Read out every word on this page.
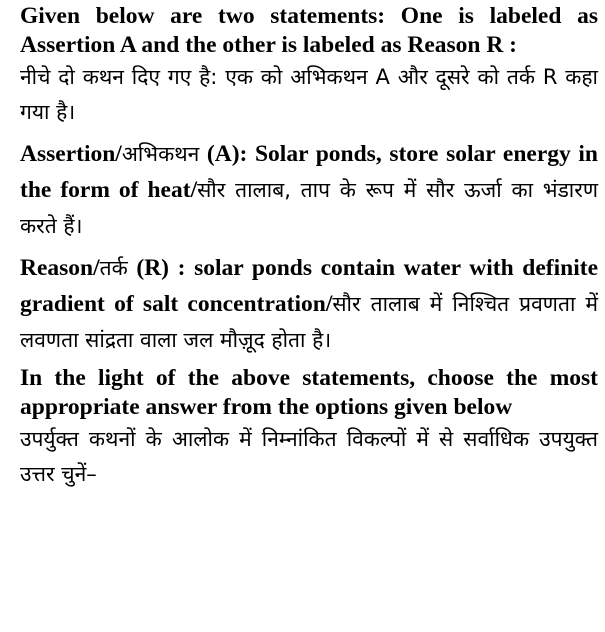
Given below are two statements: One is labeled as Assertion A and the other is labeled as Reason R :

नीचे दो कथन दिए गए है: एक को अभिकथन A और दूसरे को तर्क R कहा गया है।

Assertion/अभिकथन (A): Solar ponds, store solar energy in the form of heat/सौर तालाब, ताप के रूप में सौर ऊर्जा का भंडारण करते हैं।

Reason/तर्क (R) : solar ponds contain water with definite gradient of salt concentration/सौर तालाब में निश्चित प्रवणता में लवणता सांद्रता वाला जल मौज़ूद होता है।

In the light of the above statements, choose the most appropriate answer from the options given below

उपर्युक्त कथनों के आलोक में निम्नांकित विकल्पों में से सर्वाधिक उपयुक्त उत्तर चुनें–
